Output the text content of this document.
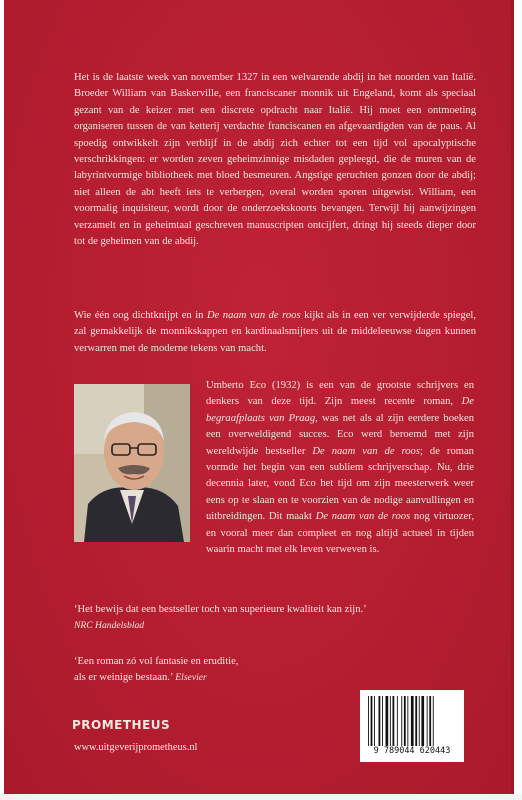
Het is de laatste week van november 1327 in een welvarende abdij in het noorden van Italië. Broeder William van Baskerville, een franciscaner monnik uit Engeland, komt als speciaal gezant van de keizer met een discrete opdracht naar Italië. Hij moet een ontmoeting organiseren tussen de van ketterij verdachte franciscanen en afgevaardigden van de paus. Al spoedig ontwikkelt zijn verblijf in de abdij zich echter tot een tijd vol apocalyptische verschrikkingen: er worden zeven geheimzinnige misdaden gepleegd, die de muren van de labyrintvormige bibliotheek met bloed besmeuren. Angstige geruchten gonzen door de abdij; niet alleen de abt heeft iets te verbergen, overal worden sporen uitgewist. William, een voormalig inquisiteur, wordt door de onderzoekskoorts bevangen. Terwijl hij aanwijzingen verzamelt en in geheimtaal geschreven manuscripten ontcijfert, dringt hij steeds dieper door tot de geheimen van de abdij.

Wie één oog dichtknijpt en in De naam van de roos kijkt als in een ver verwijderde spiegel, zal gemakkelijk de monnikskappen en kardinaalsmijters uit de middeleeuwse dagen kunnen verwarren met de moderne tekens van macht.

Umberto Eco (1932) is een van de grootste schrijvers en denkers van deze tijd. Zijn meest recente roman, De begraafplaats van Praag, was net als al zijn eerdere boeken een overweldigend succes. Eco werd beroemd met zijn wereldwijde bestseller De naam van de roos; de roman vormde het begin van een subliem schrijverschap. Nu, drie decennia later, vond Eco het tijd om zijn meesterwerk weer eens op te slaan en te voorzien van de nodige aanvullingen en uitbreidingen. Dit maakt De naam van de roos nog virtuozer, en vooral meer dan compleet en nog altijd actueel in tijden waarin macht met elk leven verweven is.

‘Het bewijs dat een bestseller toch van superieure kwaliteit kan zijn.’
NRC Handelsblad

‘Een roman zó vol fantasie en eruditie,
als er weinige bestaan.’ Elsevier

PROMETHEUS
www.uitgeverijprometheus.nl	9 789044 620443
